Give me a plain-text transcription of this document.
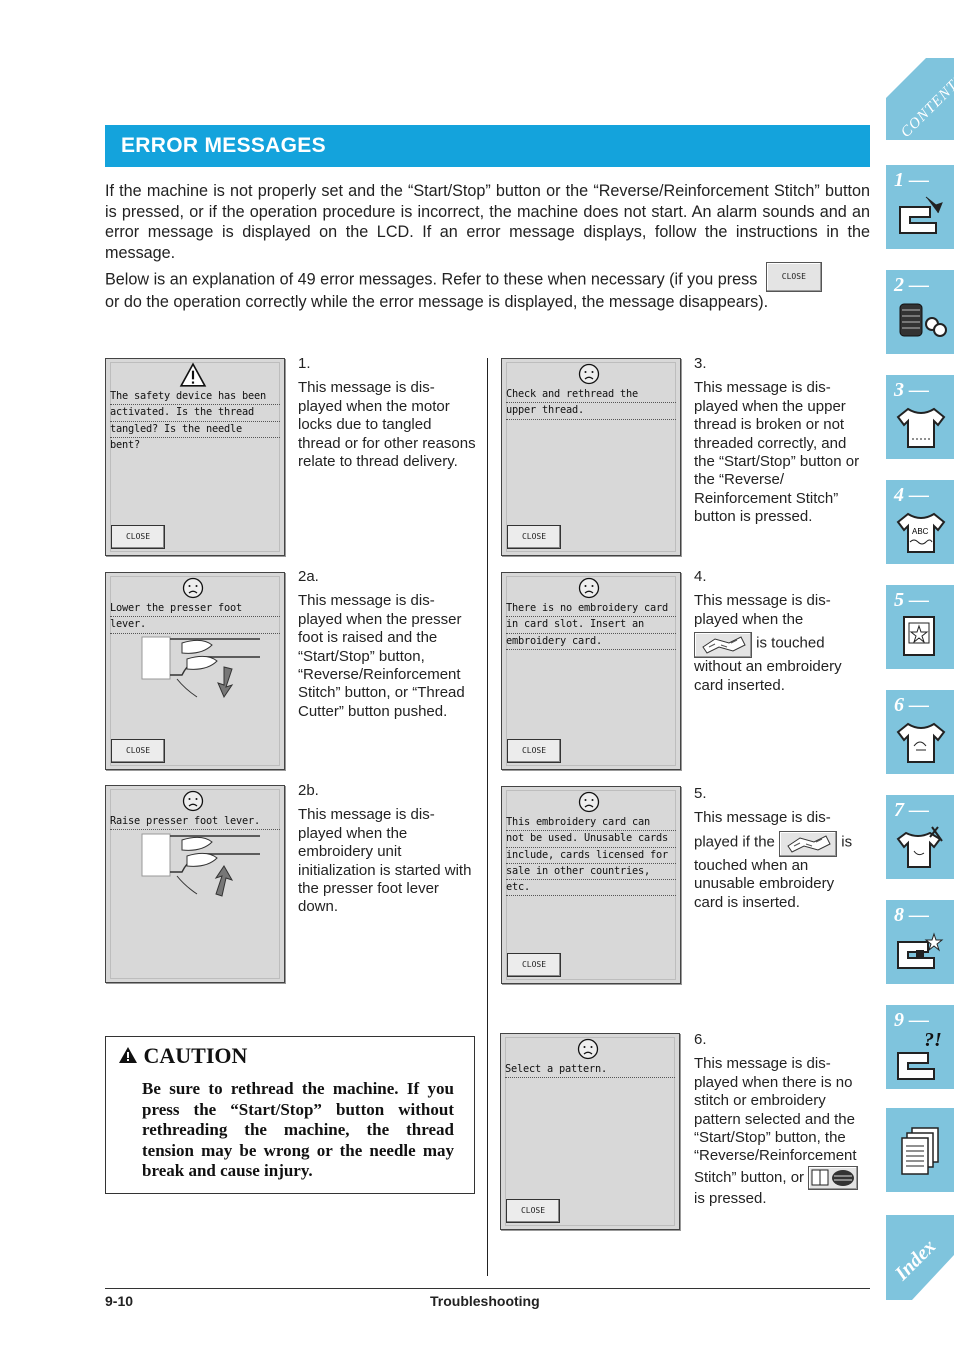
ERROR MESSAGES
If the machine is not properly set and the “Start/Stop” button or the “Reverse/Reinforcement Stitch” button is pressed, or if the operation procedure is incorrect, the machine does not start. An alarm sounds and an error message is displayed on the LCD. If an error message displays, follow the instructions in the message.
Below is an explanation of 49 error messages. Refer to these when necessary (if you press	CLOSE
or do the operation correctly while the error message is displayed, the message disappears).
The safety device has been
activated. Is the thread
tangled? Is the needle
bent?
CLOSE
1.
This message is dis-played when the motor locks due to tangled thread or for other reasons relate to thread delivery.
Lower the presser foot
lever.
CLOSE
2a.
This message is dis-played when the presser foot is raised and the “Start/Stop” button, “Reverse/Reinforcement Stitch” button, or “Thread Cutter” button pushed.
Raise presser foot lever.
2b.
This message is dis-played when the embroidery unit initialization is started with the presser foot lever down.
Check and rethread the
upper thread.
CLOSE
3.
This message is dis-played when the upper thread is broken or not threaded correctly, and the “Start/Stop” button or the “Reverse/ Reinforcement Stitch” button is pressed.
There is no embroidery card
in card slot. Insert an
embroidery card.
CLOSE
4.
This message is dis-played when the
is touched
without an embroidery card inserted.
This embroidery card can
not be used. Unusable cards
include, cards licensed for
sale in other countries,
etc.
CLOSE
5.
This message is dis-
played if the	is
touched when an unusable embroidery card is inserted.
Select a pattern.
CLOSE
6.
This message is dis-played when there is no stitch or embroidery pattern selected and the “Start/Stop” button, the “Reverse/Reinforcement
Stitch” button, or
is pressed.
CAUTION
Be sure to rethread the machine. If you press the “Start/Stop” button without rethreading the machine, the thread tension may be wrong or the needle may break and cause injury.
9-10	Troubleshooting
CONTENTS
1 —
2 —
3 —
4 —
ABC
5 —
6 —
7 —
8 —
9 —
?!
Index
